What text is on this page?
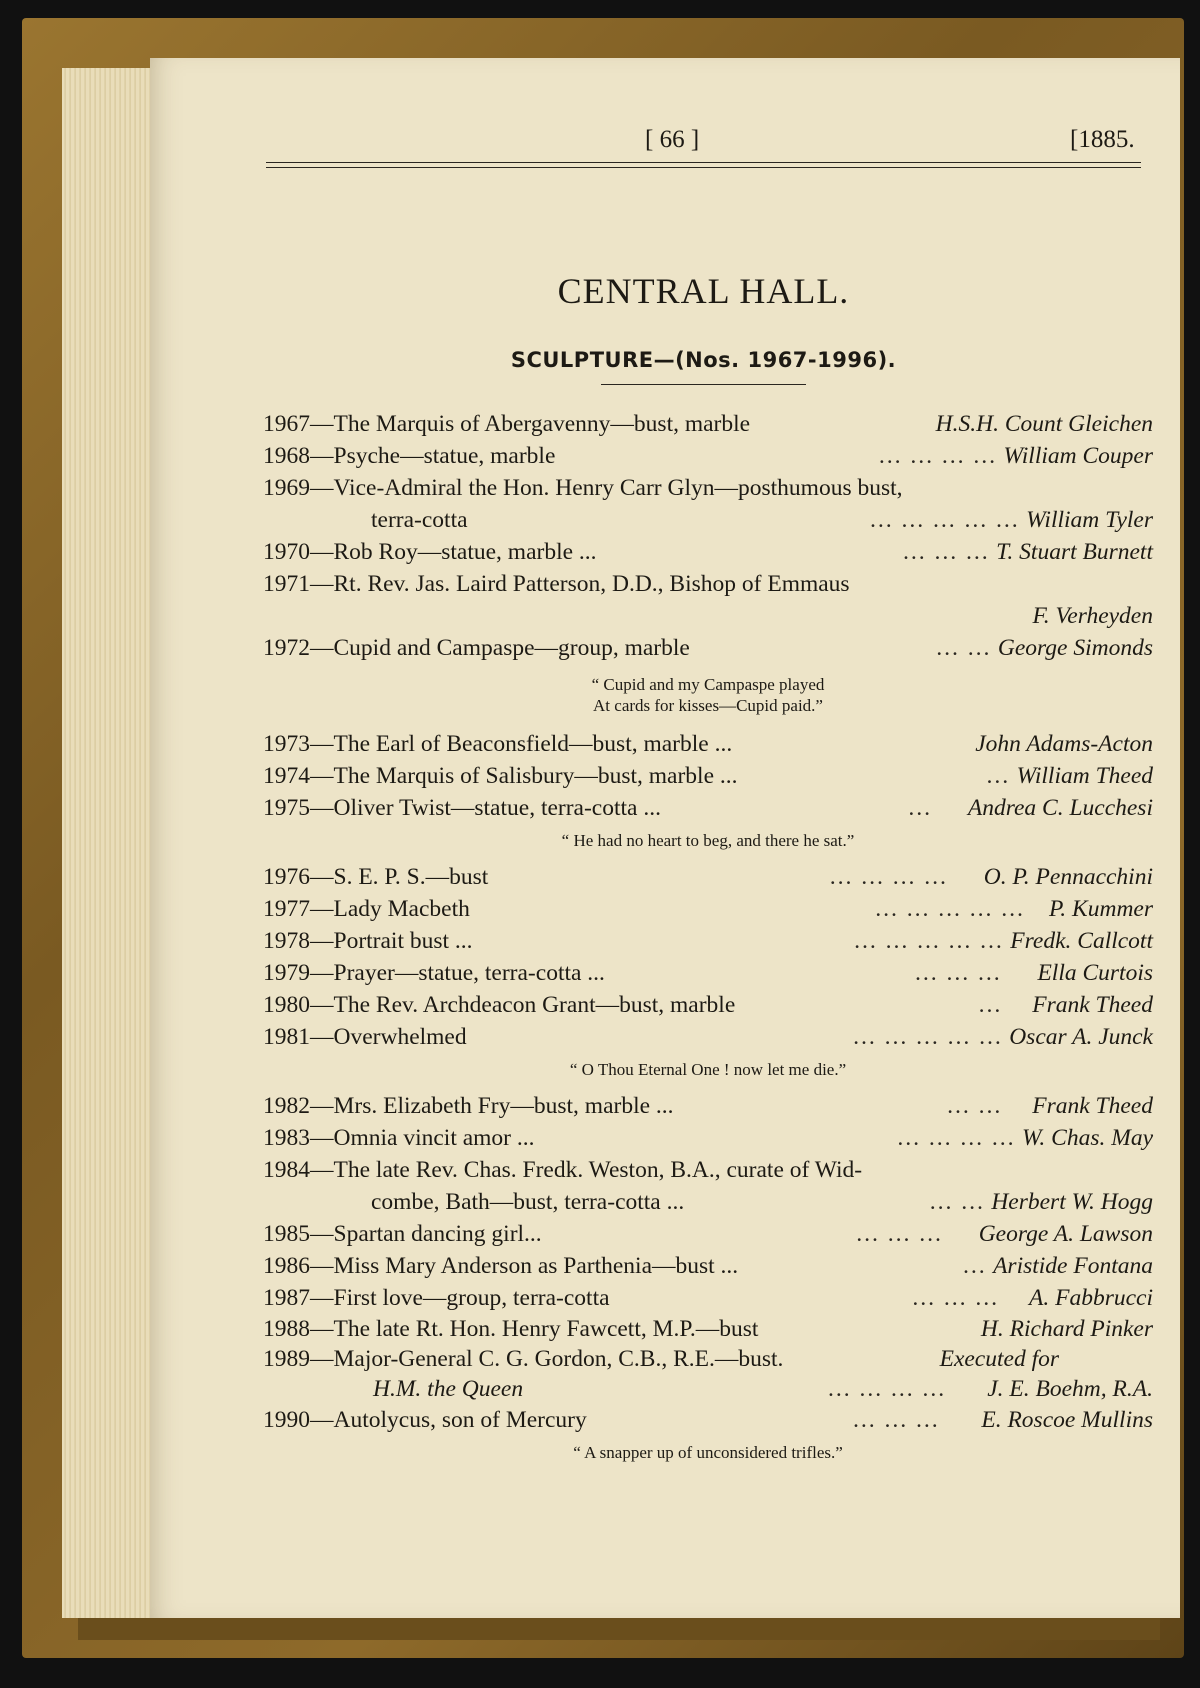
[ 66 ]	[1885.
CENTRAL HALL.
SCULPTURE—(Nos. 1967-1996).
1967—The Marquis of Abergavenny—bust, marble	H.S.H. Count Gleichen
1968—Psyche—statue, marble	... ... ... ... William Couper
1969—Vice-Admiral the Hon. Henry Carr Glyn—posthumous bust,
terra-cotta	... ... ... ... ... William Tyler
1970—Rob Roy—statue, marble ...	... ... ... T. Stuart Burnett
1971—Rt. Rev. Jas. Laird Patterson, D.D., Bishop of Emmaus
F. Verheyden
1972—Cupid and Campaspe—group, marble	... ... George Simonds
“ Cupid and my Campaspe played
At cards for kisses—Cupid paid.”
1973—The Earl of Beaconsfield—bust, marble ...	John Adams-Acton
1974—The Marquis of Salisbury—bust, marble ...	... William Theed
1975—Oliver Twist—statue, terra-cotta ...	... Andrea C. Lucchesi
“ He had no heart to beg, and there he sat.”
1976—S. E. P. S.—bust	... ... ... ... O. P. Pennacchini
1977—Lady Macbeth	... ... ... ... ... P. Kummer
1978—Portrait bust ...	... ... ... ... ... Fredk. Callcott
1979—Prayer—statue, terra-cotta ...	... ... ... Ella Curtois
1980—The Rev. Archdeacon Grant—bust, marble	... Frank Theed
1981—Overwhelmed	... ... ... ... ... Oscar A. Junck
“ O Thou Eternal One ! now let me die.”
1982—Mrs. Elizabeth Fry—bust, marble ...	... ... Frank Theed
1983—Omnia vincit amor ...	... ... ... ... W. Chas. May
1984—The late Rev. Chas. Fredk. Weston, B.A., curate of Wid-
combe, Bath—bust, terra-cotta ...	... ... Herbert W. Hogg
1985—Spartan dancing girl...	... ... ... George A. Lawson
1986—Miss Mary Anderson as Parthenia—bust ...	... Aristide Fontana
1987—First love—group, terra-cotta	... ... ... A. Fabbrucci
1988—The late Rt. Hon. Henry Fawcett, M.P.—bust	H. Richard Pinker
1989—Major-General C. G. Gordon, C.B., R.E.—bust.	Executed for
H.M. the Queen	... ... ... ... J. E. Boehm, R.A.
1990—Autolycus, son of Mercury	... ... ... E. Roscoe Mullins
“ A snapper up of unconsidered trifles.”
